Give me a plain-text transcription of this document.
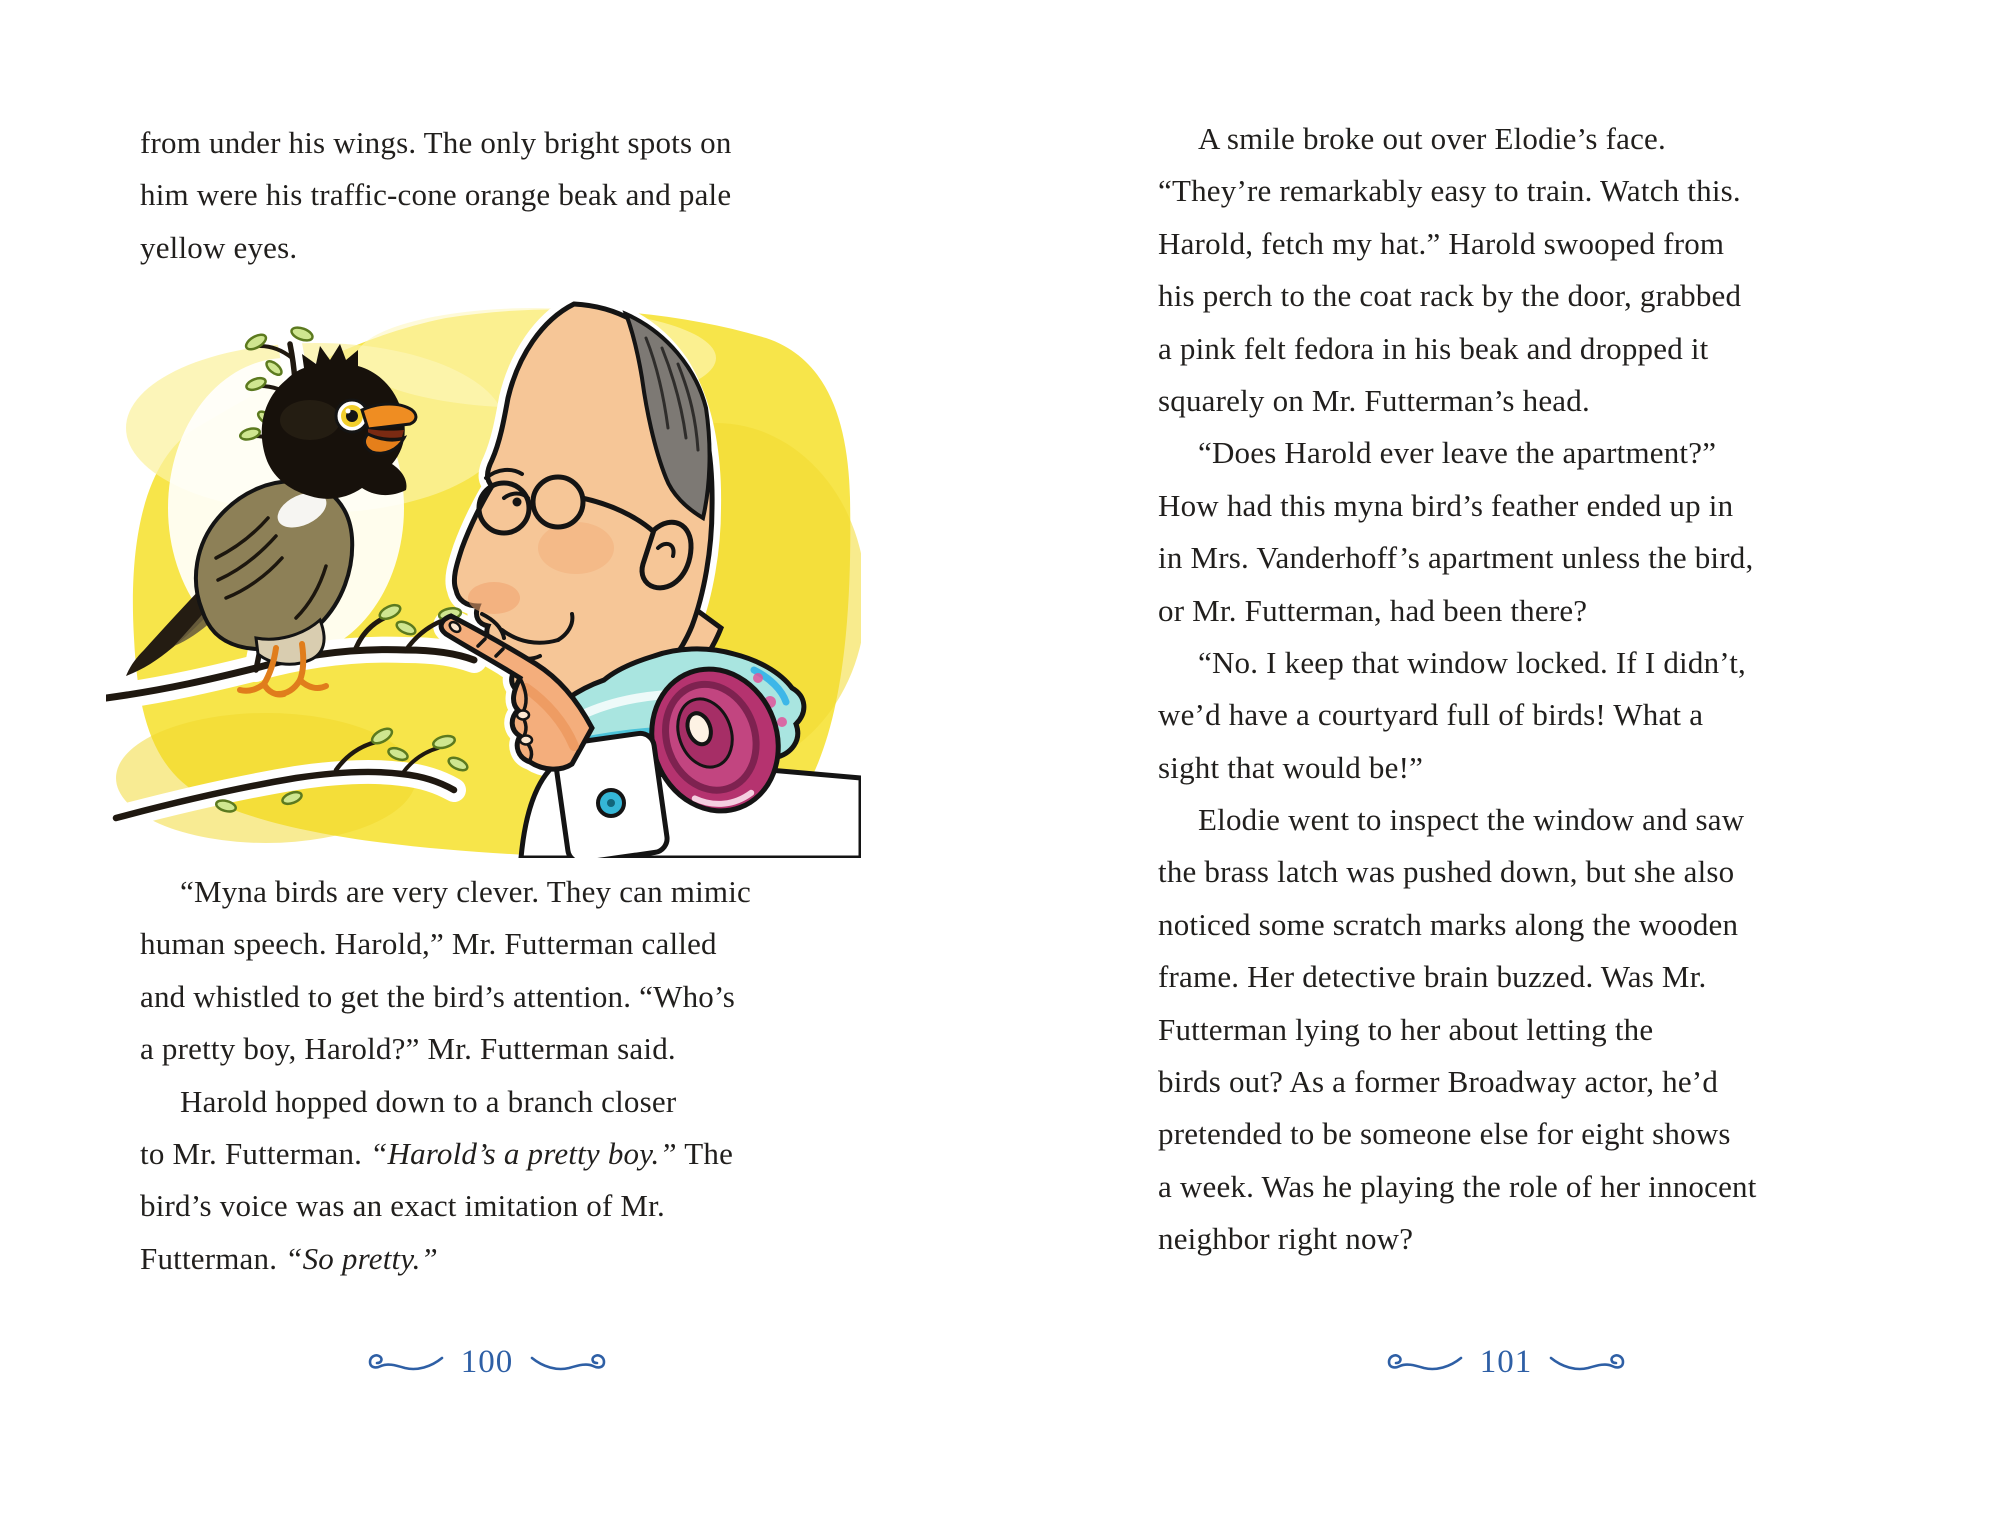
from under his wings. The only bright spots on
him were his traffic-cone orange beak and pale
yellow eyes.
“Myna birds are very clever. They can mimic
human speech. Harold,” Mr. Futterman called
and whistled to get the bird’s attention. “Who’s
a pretty boy, Harold?” Mr. Futterman said.
Harold hopped down to a branch closer
to Mr. Futterman. “Harold’s a pretty boy.” The
bird’s voice was an exact imitation of Mr.
Futterman. “So pretty.”
100
A smile broke out over Elodie’s face.
“They’re remarkably easy to train. Watch this.
Harold, fetch my hat.” Harold swooped from
his perch to the coat rack by the door, grabbed
a pink felt fedora in his beak and dropped it
squarely on Mr. Futterman’s head.
“Does Harold ever leave the apartment?”
How had this myna bird’s feather ended up in
in Mrs. Vanderhoff’s apartment unless the bird,
or Mr. Futterman, had been there?
“No. I keep that window locked. If I didn’t,
we’d have a courtyard full of birds! What a
sight that would be!”
Elodie went to inspect the window and saw
the brass latch was pushed down, but she also
noticed some scratch marks along the wooden
frame. Her detective brain buzzed. Was Mr.
Futterman lying to her about letting the
birds out? As a former Broadway actor, he’d
pretended to be someone else for eight shows
a week. Was he playing the role of her innocent
neighbor right now?
101
